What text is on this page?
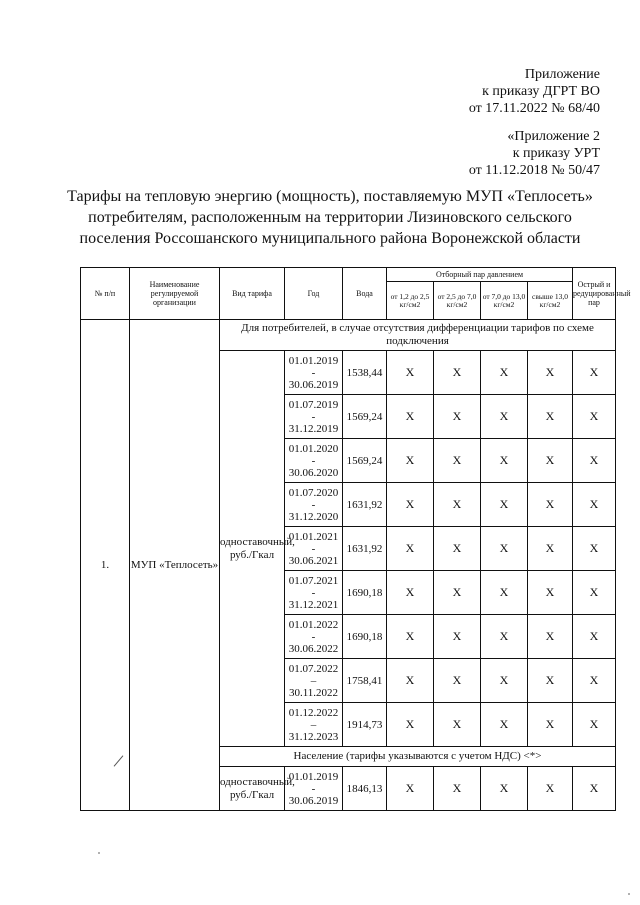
Приложение
к приказу ДГРТ ВО
от 17.11.2022 № 68/40
«Приложение 2
к приказу УРТ
от 11.12.2018 № 50/47
Тарифы на тепловую энергию (мощность), поставляемую МУП «Теплосеть»
потребителям, расположенным на территории Лизиновского сельского
поселения Россошанского муниципального района Воронежской области
№ п/п	Наименование регулируемой организации	Вид тарифа	Год	Вода	Отборный пар давлением				Острый и редуцированный пар
					от 1,2 до 2,5 кг/см2	от 2,5 до 7,0 кг/см2	от 7,0 до 13,0 кг/см2	свыше 13,0 кг/см2	
1.	МУП «Теплосеть»	Для потребителей, в случае отсутствия дифференциации тарифов по схеме подключения							
		одноставочный, руб./Гкал	01.01.2019
-
30.06.2019	1538,44	X	X	X	X	X

			01.07.2019
-
31.12.2019	1569,24	X	X	X	X	X

			01.01.2020
-
30.06.2020	1569,24	X	X	X	X	X

			01.07.2020
-
31.12.2020	1631,92	X	X	X	X	X

			01.01.2021
-
30.06.2021	1631,92	X	X	X	X	X

			01.07.2021
-
31.12.2021	1690,18	X	X	X	X	X

			01.01.2022
-
30.06.2022	1690,18	X	X	X	X	X

			01.07.2022
–
30.11.2022	1758,41	X	X	X	X	X

			01.12.2022
–
31.12.2023	1914,73	X	X	X	X	X
		Население (тарифы указываются с учетом НДС) <*>							
		одноставочный, руб./Гкал	01.01.2019
-
30.06.2019	1846,13	X	X	X	X	X
